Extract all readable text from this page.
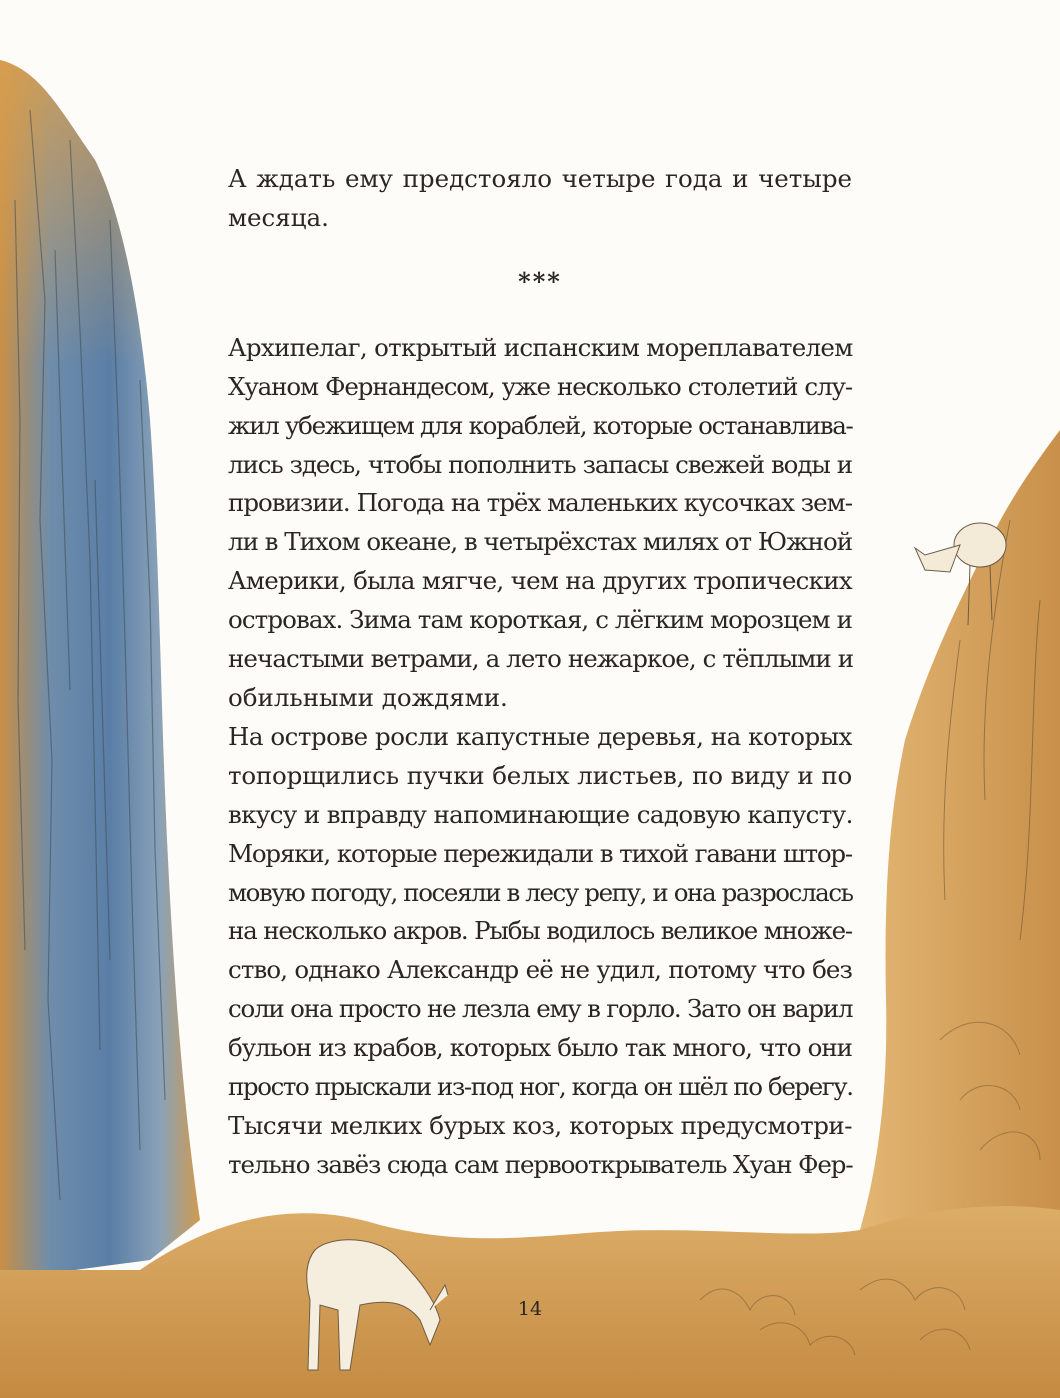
А ждать ему предстояло четыре года и четыре
месяца.

***

Архипелаг, открытый испанским мореплавателем
Хуаном Фернандесом, уже несколько столетий слу-
жил убежищем для кораблей, которые останавлива-
лись здесь, чтобы пополнить запасы свежей воды и
провизии. Погода на трёх маленьких кусочках зем-
ли в Тихом океане, в четырёхстах милях от Южной
Америки, была мягче, чем на других тропических
островах. Зима там короткая, с лёгким морозцем и
нечастыми ветрами, а лето нежаркое, с тёплыми и
обильными дождями.

На острове росли капустные деревья, на которых
топорщились пучки белых листьев, по виду и по
вкусу и вправду напоминающие садовую капусту.
Моряки, которые пережидали в тихой гавани штор-
мовую погоду, посеяли в лесу репу, и она разрослась
на несколько акров. Рыбы водилось великое множе-
ство, однако Александр её не удил, потому что без
соли она просто не лезла ему в горло. Зато он варил
бульон из крабов, которых было так много, что они
просто прыскали из-под ног, когда он шёл по берегу.

Тысячи мелких бурых коз, которых предусмотри-
тельно завёз сюда сам первооткрыватель Хуан Фер-

14
